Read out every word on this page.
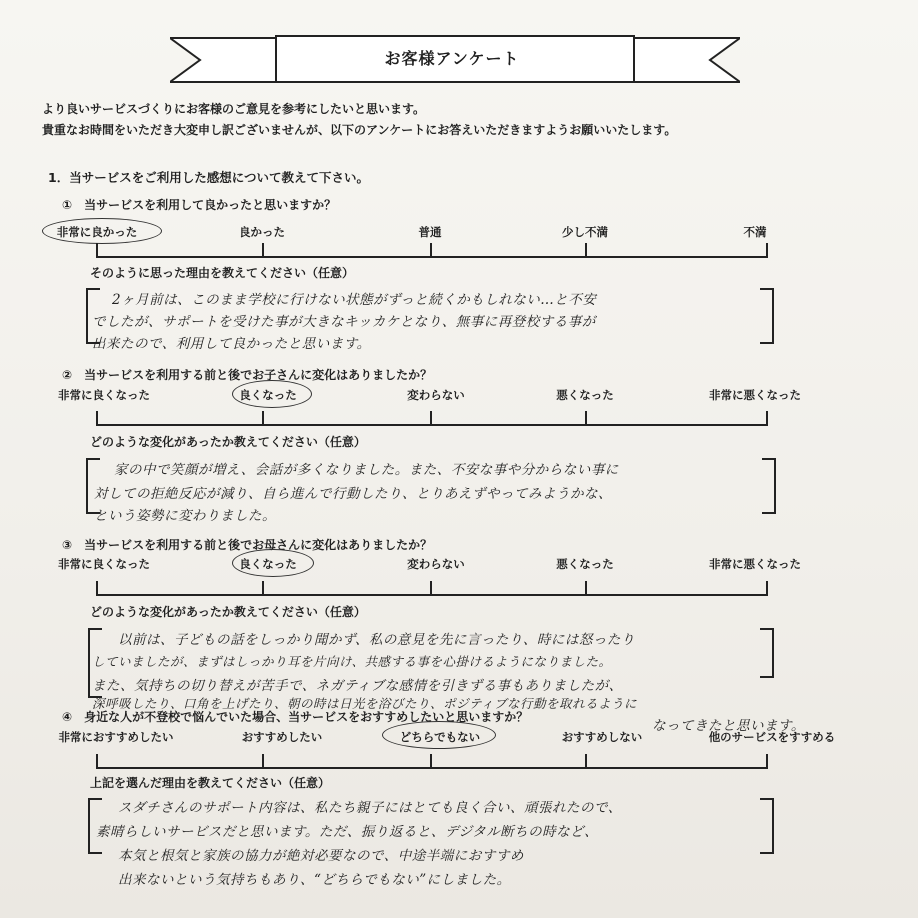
お客様アンケート
より良いサービスづくりにお客様のご意見を参考にしたいと思います。
貴重なお時間をいただき大変申し訳ございませんが、以下のアンケートにお答えいただきますようお願いいたします。
1．当サービスをご利用した感想について教えて下さい。
①　当サービスを利用して良かったと思いますか？
非常に良かった	良かった	普通	少し不満	不満
そのように思った理由を教えてください（任意）
2ヶ月前は、このまま学校に行けない状態がずっと続くかもしれない…と不安
でしたが、サポートを受けた事が大きなキッカケとなり、無事に再登校する事が
出来たので、利用して良かったと思います。
②　当サービスを利用する前と後でお子さんに変化はありましたか？
非常に良くなった	良くなった	変わらない	悪くなった	非常に悪くなった
どのような変化があったか教えてください（任意）
家の中で笑顔が増え、会話が多くなりました。また、不安な事や分からない事に
対しての拒絶反応が減り、自ら進んで行動したり、とりあえずやってみようかな、
という姿勢に変わりました。
③　当サービスを利用する前と後でお母さんに変化はありましたか？
非常に良くなった	良くなった	変わらない	悪くなった	非常に悪くなった
どのような変化があったか教えてください（任意）
以前は、子どもの話をしっかり聞かず、私の意見を先に言ったり、時には怒ったり
していましたが、まずはしっかり耳を片向け、共感する事を心掛けるようになりました。
また、気持ちの切り替えが苦手で、ネガティブな感情を引きずる事もありましたが、
深呼吸したり、口角を上げたり、朝の時は日光を浴びたり、ポジティブな行動を取れるように
なってきたと思います。
④　身近な人が不登校で悩んでいた場合、当サービスをおすすめしたいと思いますか？
非常におすすめしたい	おすすめしたい	どちらでもない	おすすめしない	他のサービスをすすめる
上記を選んだ理由を教えてください（任意）
スダチさんのサポート内容は、私たち親子にはとても良く合い、頑張れたので、
素晴らしいサービスだと思います。ただ、振り返ると、デジタル断ちの時など、
本気と根気と家族の協力が絶対必要なので、中途半端におすすめ
出来ないという気持ちもあり、“どちらでもない”にしました。
